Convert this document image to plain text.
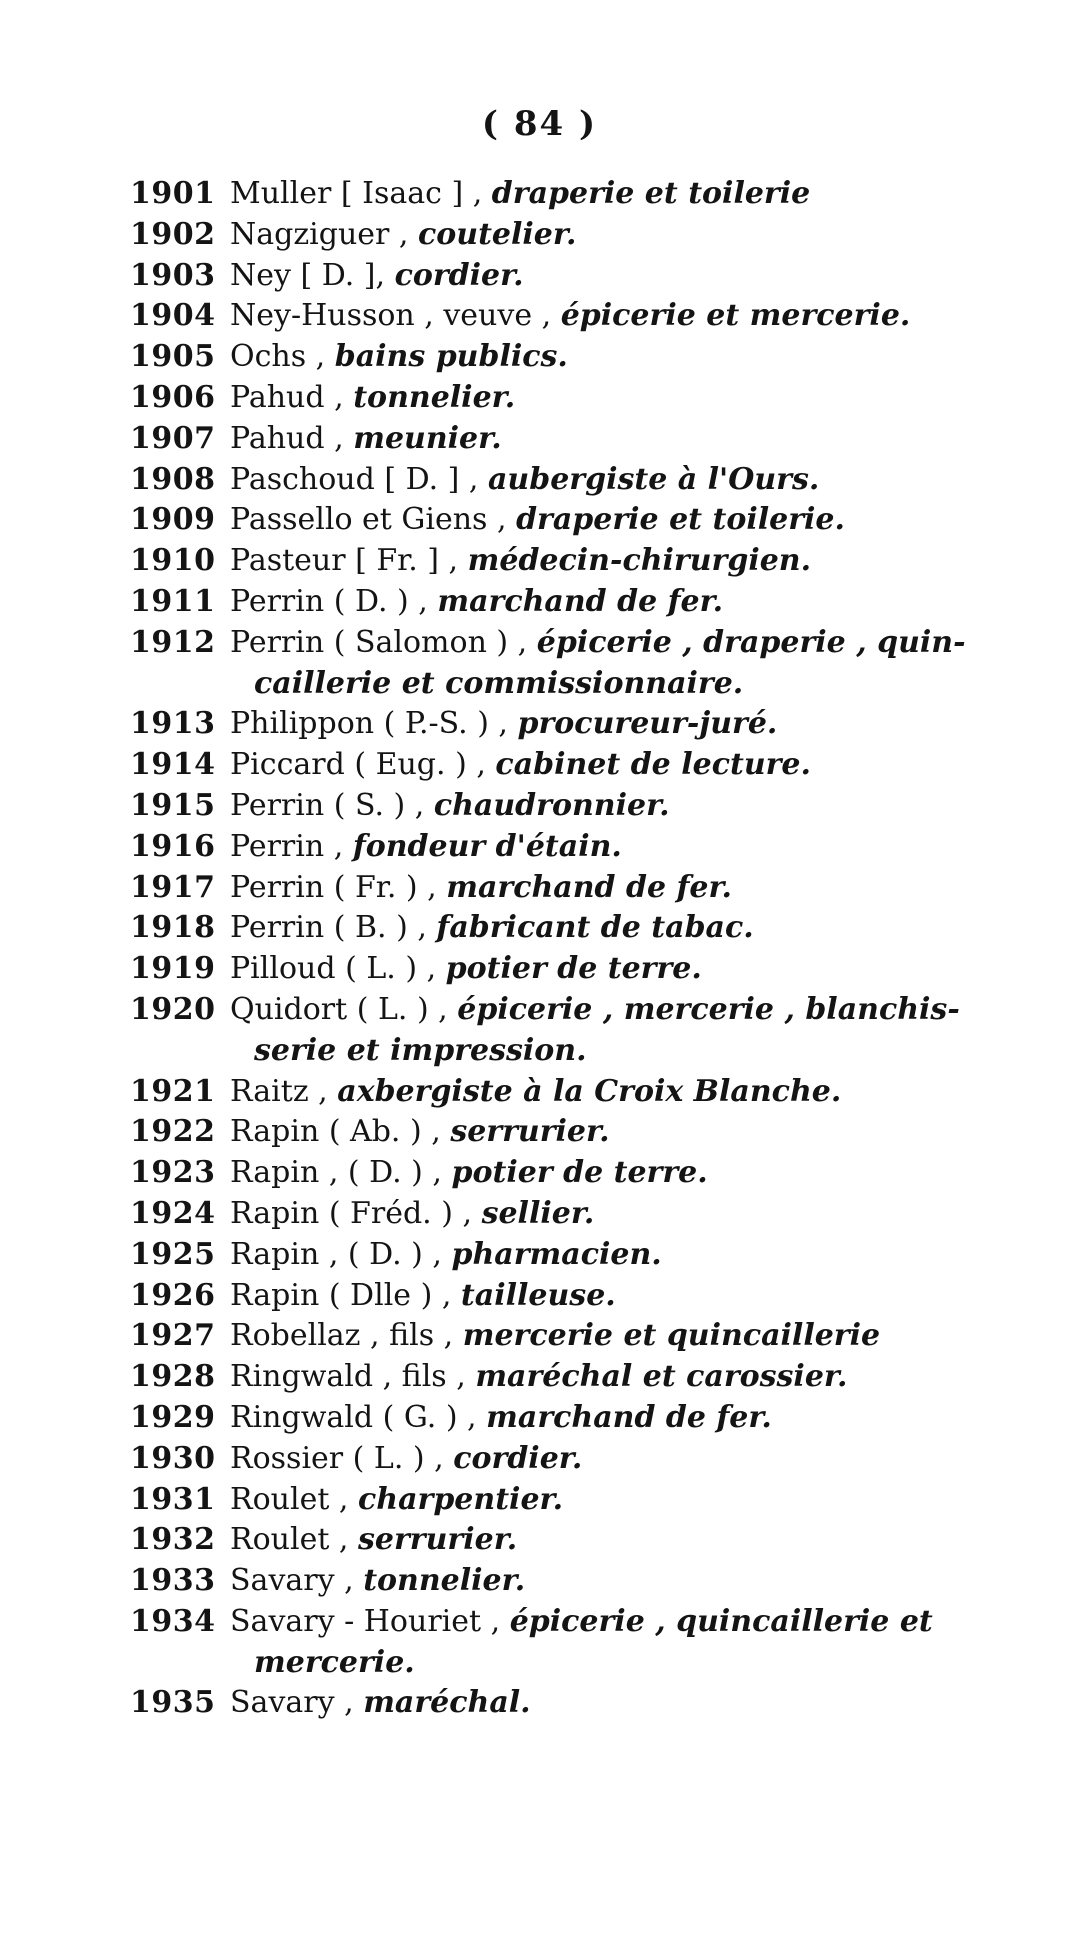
( 84 )
1901 Muller [ Isaac ] , draperie et toilerie
1902 Nagziguer , coutelier.
1903 Ney [ D. ], cordier.
1904 Ney-Husson , veuve , épicerie et mercerie.
1905 Ochs , bains publics.
1906 Pahud , tonnelier.
1907 Pahud , meunier.
1908 Paschoud [ D. ] , aubergiste à l'Ours.
1909 Passello et Giens , draperie et toilerie.
1910 Pasteur [ Fr. ] , médecin-chirurgien.
1911 Perrin ( D. ) , marchand de fer.
1912 Perrin ( Salomon ) , épicerie , draperie , quin-
caillerie et commissionnaire.
1913 Philippon ( P.-S. ) , procureur-juré.
1914 Piccard ( Eug. ) , cabinet de lecture.
1915 Perrin ( S. ) , chaudronnier.
1916 Perrin , fondeur d'étain.
1917 Perrin ( Fr. ) , marchand de fer.
1918 Perrin ( B. ) , fabricant de tabac.
1919 Pilloud ( L. ) , potier de terre.
1920 Quidort ( L. ) , épicerie , mercerie , blanchis-
serie et impression.
1921 Raitz , axbergiste à la Croix Blanche.
1922 Rapin ( Ab. ) , serrurier.
1923 Rapin , ( D. ) , potier de terre.
1924 Rapin ( Fréd. ) , sellier.
1925 Rapin , ( D. ) , pharmacien.
1926 Rapin ( Dlle ) , tailleuse.
1927 Robellaz , fils , mercerie et quincaillerie
1928 Ringwald , fils , maréchal et carossier.
1929 Ringwald ( G. ) , marchand de fer.
1930 Rossier ( L. ) , cordier.
1931 Roulet , charpentier.
1932 Roulet , serrurier.
1933 Savary , tonnelier.
1934 Savary - Houriet , épicerie , quincaillerie et
mercerie.
1935 Savary , maréchal.
